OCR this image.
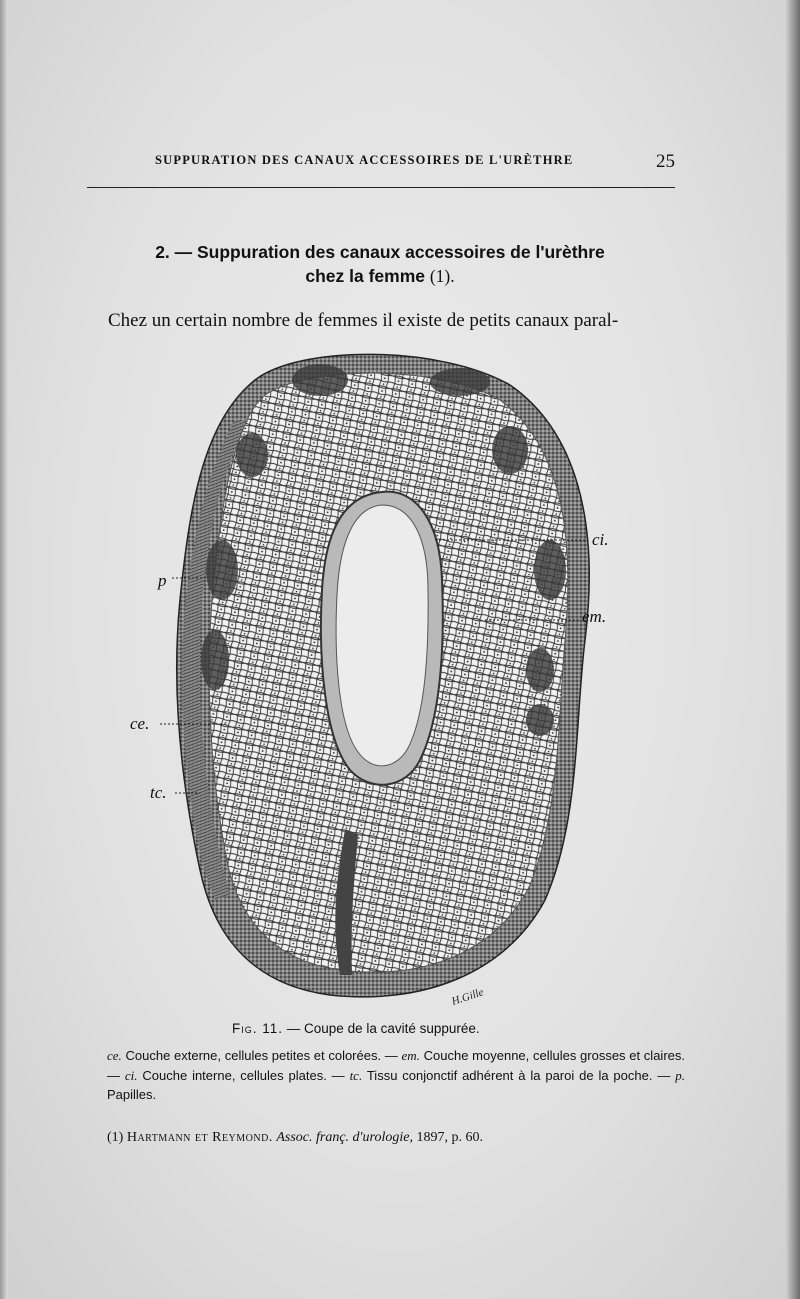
SUPPURATION DES CANAUX ACCESSOIRES DE L'URÈTHRE	25
2. — Suppuration des canaux accessoires de l'urèthre
chez la femme (1).
Chez un certain nombre de femmes il existe de petits canaux paral-
ci.
em.
p
ce.
tc.
H.Gille
Fig. 11. — Coupe de la cavité suppurée.
ce. Couche externe, cellules petites et colorées. — em. Couche moyenne, cellules grosses et claires. — ci. Couche interne, cellules plates. — tc. Tissu conjonctif adhérent à la paroi de la poche. — p. Papilles.
(1) Hartmann et Reymond. Assoc. franç. d'urologie, 1897, p. 60.
